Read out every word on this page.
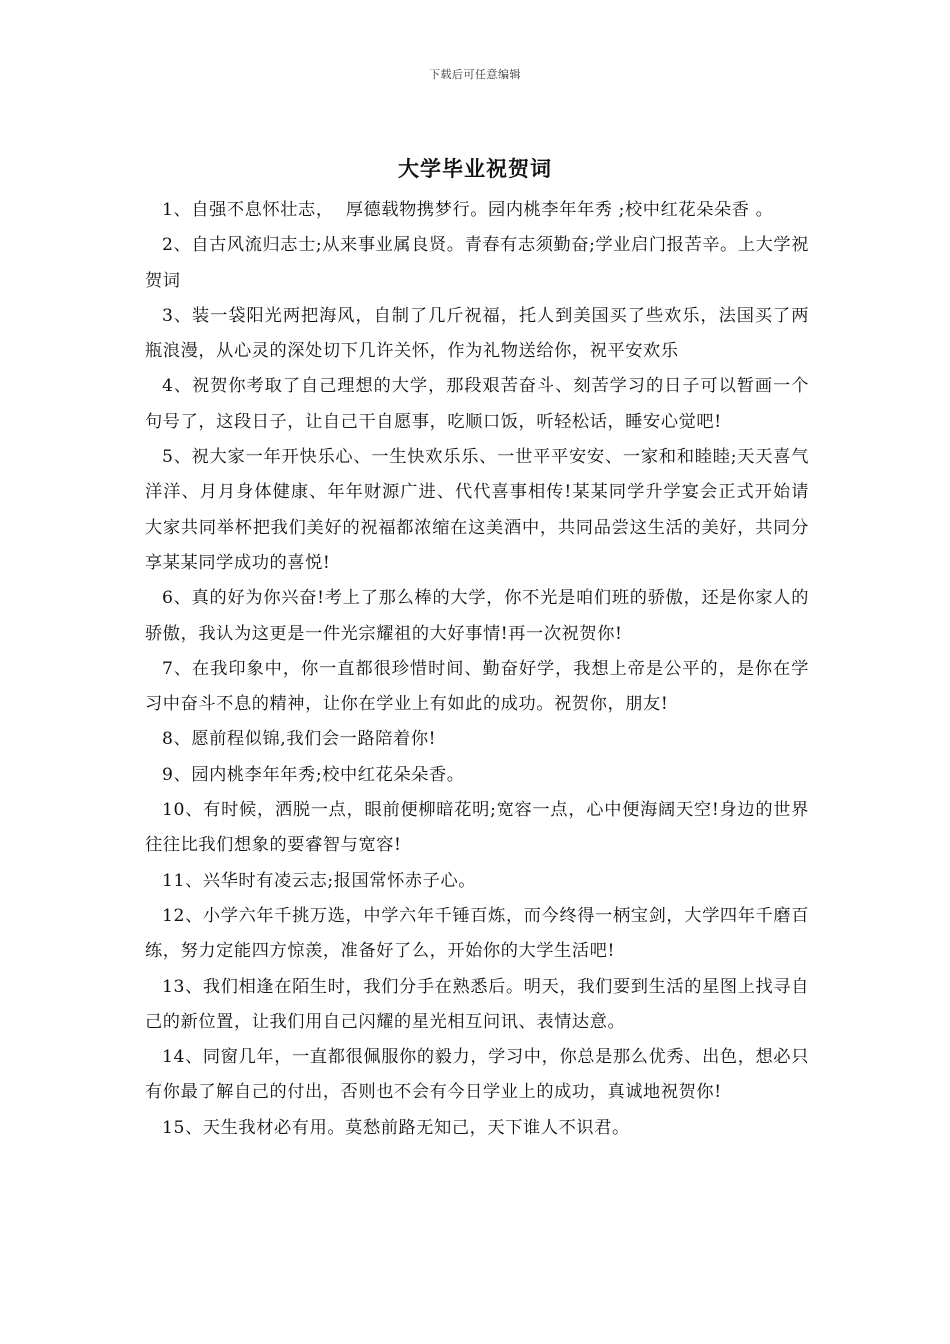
下载后可任意编辑
大学毕业祝贺词

1、自强不息怀壮志，  厚德载物携梦行。园内桃李年年秀 ;校中红花朵朵香 。

2、自古风流归志士;从来事业属良贤。青春有志须勤奋;学业启门报苦辛。上大学祝贺词

3、装一袋阳光两把海风，自制了几斤祝福，托人到美国买了些欢乐，法国买了两瓶浪漫，从心灵的深处切下几许关怀，作为礼物送给你，祝平安欢乐

4、祝贺你考取了自己理想的大学，那段艰苦奋斗、刻苦学习的日子可以暂画一个句号了，这段日子，让自己干自愿事，吃顺口饭，听轻松话，睡安心觉吧!

5、祝大家一年开快乐心、一生快欢乐乐、一世平平安安、一家和和睦睦;天天喜气洋洋、月月身体健康、年年财源广进、代代喜事相传!某某同学升学宴会正式开始请大家共同举杯把我们美好的祝福都浓缩在这美酒中，共同品尝这生活的美好，共同分享某某同学成功的喜悦!

6、真的好为你兴奋!考上了那么棒的大学，你不光是咱们班的骄傲，还是你家人的骄傲，我认为这更是一件光宗耀祖的大好事情!再一次祝贺你!

7、在我印象中，你一直都很珍惜时间、勤奋好学，我想上帝是公平的，是你在学习中奋斗不息的精神，让你在学业上有如此的成功。祝贺你，朋友!

8、愿前程似锦,我们会一路陪着你!

9、园内桃李年年秀;校中红花朵朵香。

10、有时候，洒脱一点，眼前便柳暗花明;宽容一点，心中便海阔天空!身边的世界往往比我们想象的要睿智与宽容!

11、兴华时有凌云志;报国常怀赤子心。

12、小学六年千挑万选，中学六年千锤百炼，而今终得一柄宝剑，大学四年千磨百练，努力定能四方惊羡，准备好了么，开始你的大学生活吧!

13、我们相逢在陌生时，我们分手在熟悉后。明天，我们要到生活的星图上找寻自己的新位置，让我们用自己闪耀的星光相互问讯、表情达意。

14、同窗几年，一直都很佩服你的毅力，学习中，你总是那么优秀、出色，想必只有你最了解自己的付出，否则也不会有今日学业上的成功，真诚地祝贺你!

15、天生我材必有用。莫愁前路无知己，天下谁人不识君。
